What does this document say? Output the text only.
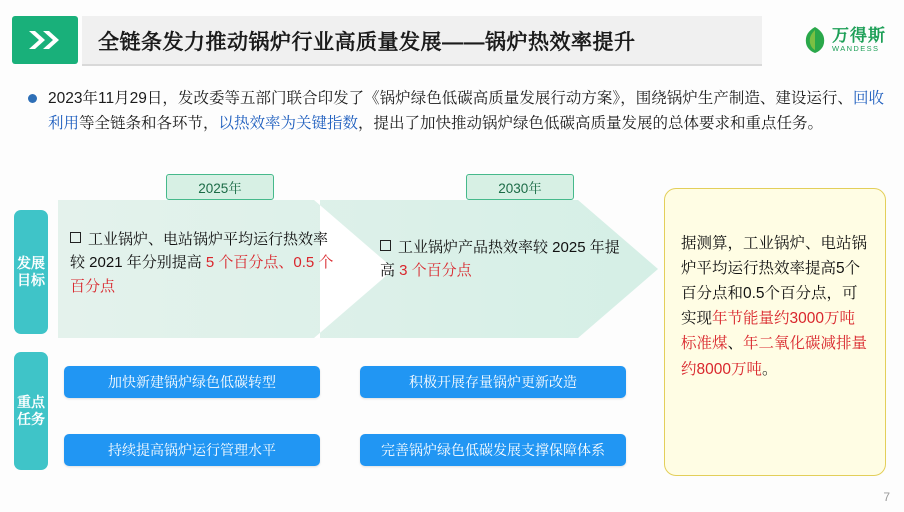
全链条发力推动锅炉行业高质量发展——锅炉热效率提升	万得斯
WANDESS
2023年11月29日，发改委等五部门联合印发了《锅炉绿色低碳高质量发展行动方案》，围绕锅炉生产制造、建设运行、回收利用等全链条和各环节，以热效率为关键指数，提出了加快推动锅炉绿色低碳高质量发展的总体要求和重点任务。
发展目标
重点任务
2025年	2030年
工业锅炉、电站锅炉平均运行热效率较 2021 年分别提高 5 个百分点、0.5 个百分点
工业锅炉产品热效率较 2025 年提高 3 个百分点
加快新建锅炉绿色低碳转型	积极开展存量锅炉更新改造
持续提高锅炉运行管理水平	完善锅炉绿色低碳发展支撑保障体系
据测算，工业锅炉、电站锅炉平均运行热效率提高5个百分点和0.5个百分点，可实现年节能量约3000万吨标准煤、年二氧化碳减排量约8000万吨。
7
